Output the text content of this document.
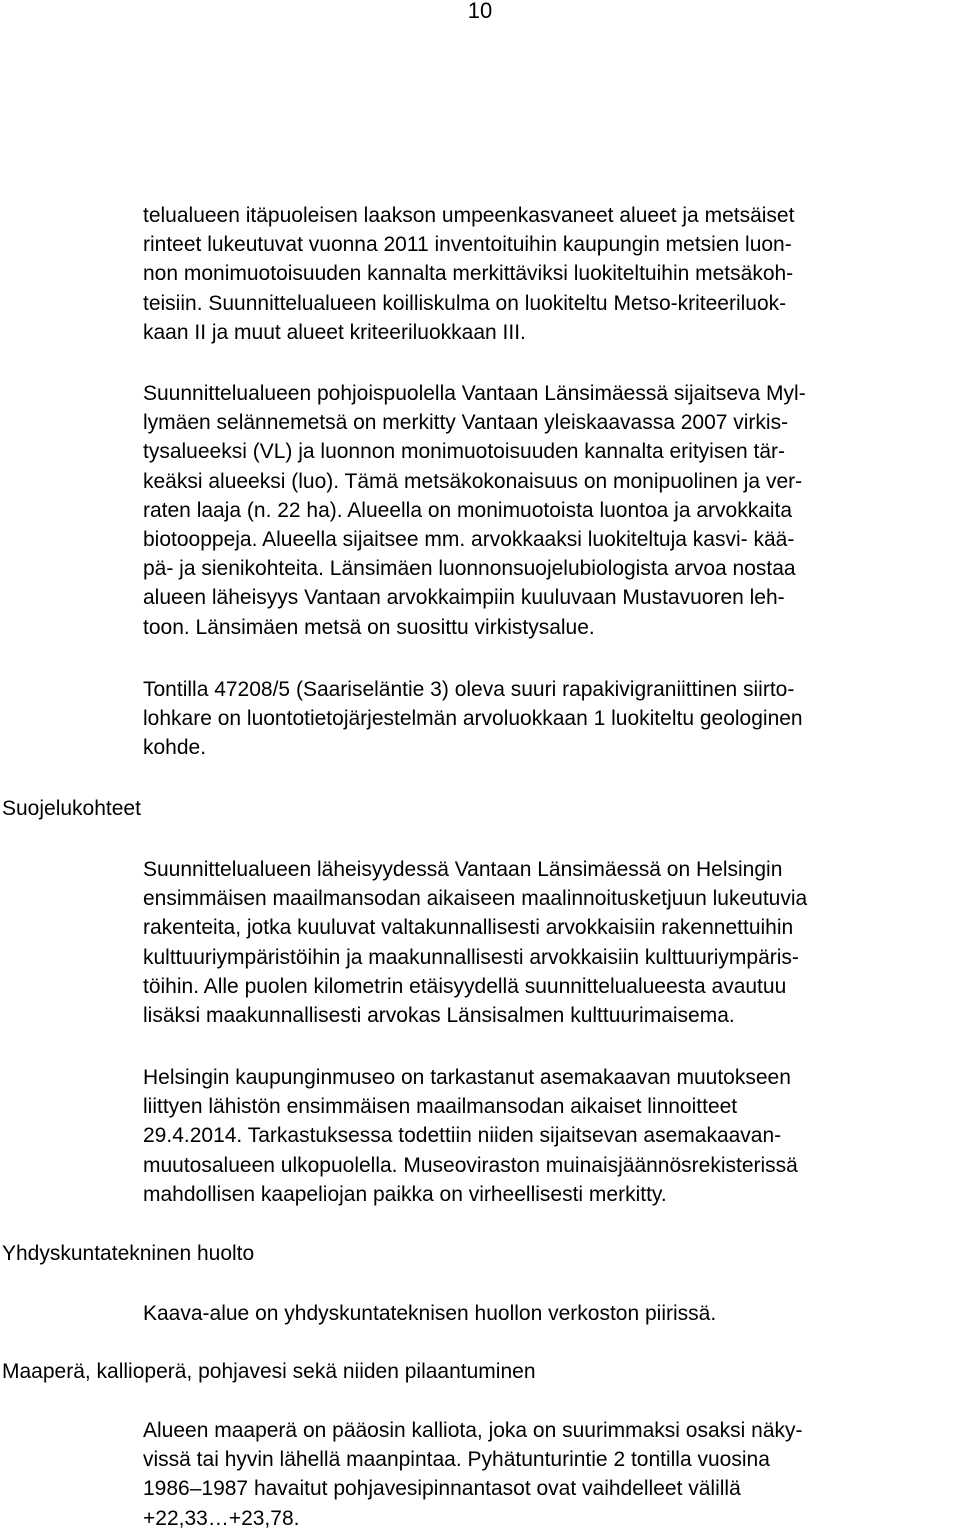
10

telualueen itäpuoleisen laakson umpeenkasvaneet alueet ja metsäiset
rinteet lukeutuvat vuonna 2011 inventoituihin kaupungin metsien luon-
non monimuotoisuuden kannalta merkittäviksi luokiteltuihin metsäkoh-
teisiin. Suunnittelualueen koilliskulma on luokiteltu Metso-kriteeriluok-
kaan II ja muut alueet kriteeriluokkaan III.

Suunnittelualueen pohjoispuolella Vantaan Länsimäessä sijaitseva Myl-
lymäen selännemetsä on merkitty Vantaan yleiskaavassa 2007 virkis-
tysalueeksi (VL) ja luonnon monimuotoisuuden kannalta erityisen tär-
keäksi alueeksi (luo). Tämä metsäkokonaisuus on monipuolinen ja ver-
raten laaja (n. 22 ha). Alueella on monimuotoista luontoa ja arvokkaita
biotooppeja. Alueella sijaitsee mm. arvokkaaksi luokiteltuja kasvi- kää-
pä- ja sienikohteita. Länsimäen luonnonsuojelubiologista arvoa nostaa
alueen läheisyys Vantaan arvokkaimpiin kuuluvaan Mustavuoren leh-
toon. Länsimäen metsä on suosittu virkistysalue.

Tontilla 47208/5 (Saariseläntie 3) oleva suuri rapakivigraniittinen siirto-
lohkare on luontotietojärjestelmän arvoluokkaan 1 luokiteltu geologinen
kohde.

Suojelukohteet

Suunnittelualueen läheisyydessä Vantaan Länsimäessä on Helsingin
ensimmäisen maailmansodan aikaiseen maalinnoitusketjuun lukeutuvia
rakenteita, jotka kuuluvat valtakunnallisesti arvokkaisiin rakennettuihin
kulttuuriympäristöihin ja maakunnallisesti arvokkaisiin kulttuuriympäris-
töihin. Alle puolen kilometrin etäisyydellä suunnittelualueesta avautuu
lisäksi maakunnallisesti arvokas Länsisalmen kulttuurimaisema.

Helsingin kaupunginmuseo on tarkastanut asemakaavan muutokseen
liittyen lähistön ensimmäisen maailmansodan aikaiset linnoitteet
29.4.2014. Tarkastuksessa todettiin niiden sijaitsevan asemakaavan-
muutosalueen ulkopuolella. Museoviraston muinaisjäännösrekisterissä
mahdollisen kaapeliojan paikka on virheellisesti merkitty.

Yhdyskuntatekninen huolto

Kaava-alue on yhdyskuntateknisen huollon verkoston piirissä.

Maaperä, kallioperä, pohjavesi sekä niiden pilaantuminen

Alueen maaperä on pääosin kalliota, joka on suurimmaksi osaksi näky-
vissä tai hyvin lähellä maanpintaa. Pyhätunturintie 2 tontilla vuosina
1986–1987 havaitut pohjavesipinnantasot ovat vaihdelleet välillä
+22,33…+23,78.
